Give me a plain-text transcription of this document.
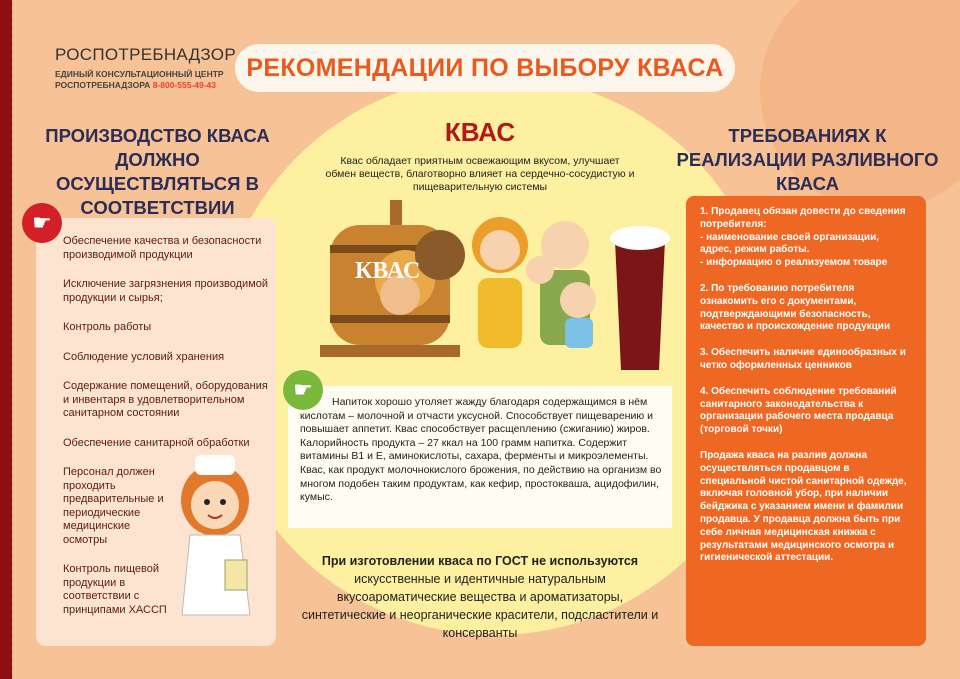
РОСПОТРЕБНАДЗОР
ЕДИНЫЙ КОНСУЛЬТАЦИОННЫЙ ЦЕНТР
РОСПОТРЕБНАДЗОРА 8-800-555-49-43
РЕКОМЕНДАЦИИ ПО ВЫБОРУ КВАСА
ПРОИЗВОДСТВО КВАСА ДОЛЖНО ОСУЩЕСТВЛЯТЬСЯ В СООТВЕТСТВИИ
ТРЕБОВАНИЯХ К РЕАЛИЗАЦИИ РАЗЛИВНОГО КВАСА
КВАС
Квас обладает приятным освежающим вкусом, улучшает обмен веществ, благотворно влияет на сердечно-сосудистую и пищеварительную системы
☛
Обеспечение качества и безопасности производимой продукции
Исключение загрязнения производимой продукции и сырья;
Контроль работы
Соблюдение условий хранения
Содержание помещений, оборудования и инвентаря в удовлетворительном санитарном состоянии
Обеспечение санитарной обработки
Персонал должен проходить предварительные и периодические медицинские осмотры
Контроль пищевой продукции в соответствии с принципами ХАССП
КВАС
Напиток хорошо утоляет жажду благодаря содержащимся в нём кислотам – молочной и отчасти уксусной. Способствует пищеварению и повышает аппетит. Квас способствует расщеплению (сжиганию) жиров. Калорийность продукта – 27 ккал на 100 грамм напитка. Содержит витамины В1 и Е, аминокислоты, сахара, ферменты и микроэлементы. Квас, как продукт молочнокислого брожения, по действию на организм во многом подобен таким продуктам, как кефир, простокваша, ацидофилин, кумыс.
☛
При изготовлении кваса по ГОСТ не используются
искусственные и идентичные натуральным вкусоароматические вещества и ароматизаторы, синтетические и неорганические красители, подсластители и консерванты

1. Продавец обязан довести до сведения потребителя:
- наименование своей организации, адрес, режим работы.
- информацию о реализуемом товаре

2. По требованию потребителя ознакомить его с документами, подтверждающими безопасность, качество и происхождение продукции

3. Обеспечить наличие единообразных и четко оформленных ценников

4. Обеспечить соблюдение требований санитарного законодательства к организации рабочего места продавца (торговой точки)

Продажа кваса на разлив должна осуществляться продавцом в специальной чистой санитарной одежде, включая головной убор, при наличии бейджика с указанием имени и фамилии продавца. У продавца должна быть при себе личная медицинская книжка с результатами медицинского осмотра и гигиенической аттестации.
